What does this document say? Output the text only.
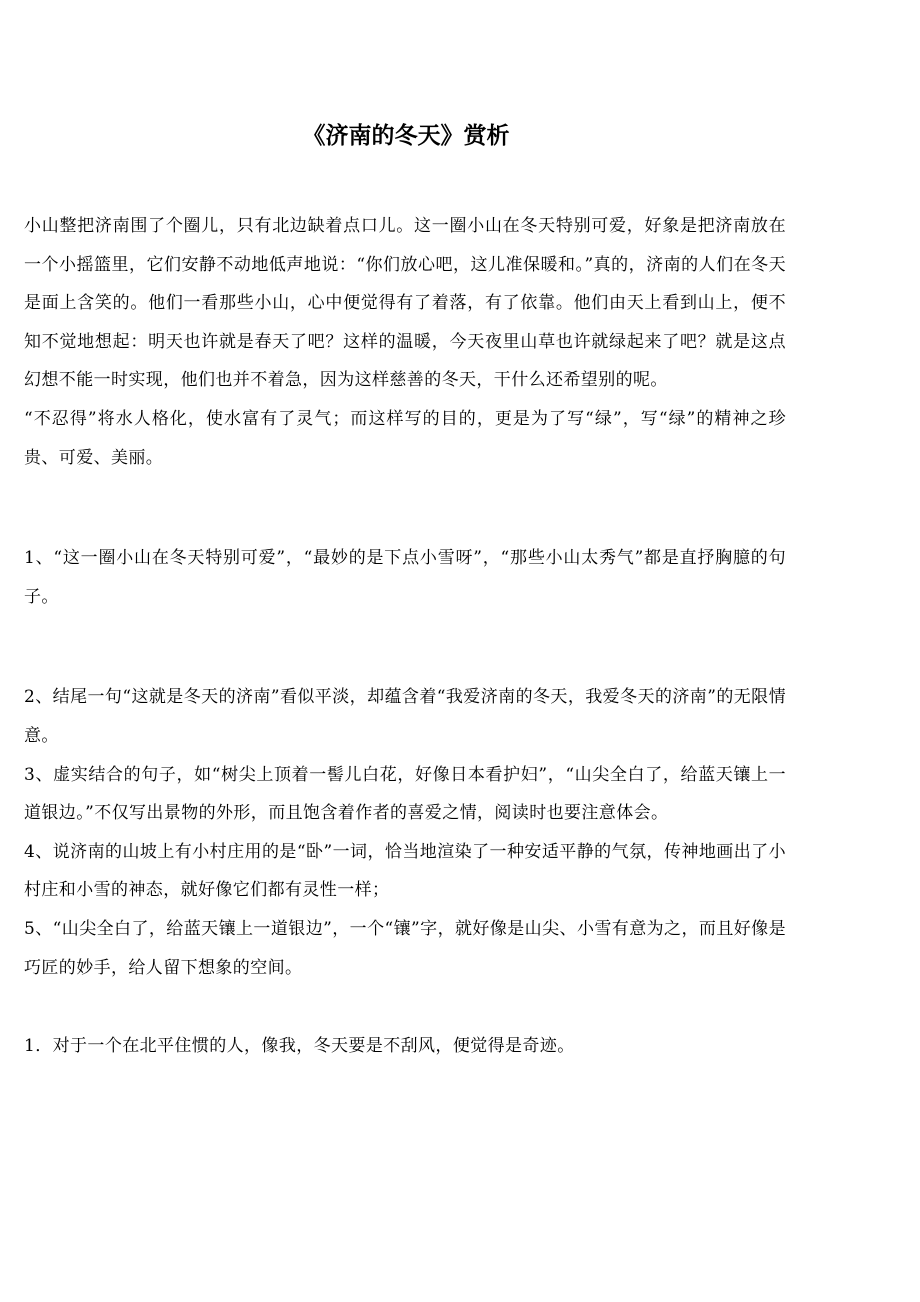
《济南的冬天》赏析

小山整把济南围了个圈儿，只有北边缺着点口儿。这一圈小山在冬天特别可爱，好象是把济南放在一个小摇篮里，它们安静不动地低声地说：“你们放心吧，这儿准保暖和。”真的，济南的人们在冬天是面上含笑的。他们一看那些小山，心中便觉得有了着落，有了依靠。他们由天上看到山上，便不知不觉地想起：明天也许就是春天了吧？这样的温暖，今天夜里山草也许就绿起来了吧？就是这点幻想不能一时实现，他们也并不着急，因为这样慈善的冬天，干什么还希望别的呢。

“不忍得”将水人格化，使水富有了灵气；而这样写的目的，更是为了写“绿”，写“绿”的精神之珍贵、可爱、美丽。

1、“这一圈小山在冬天特别可爱”，“最妙的是下点小雪呀”，“那些小山太秀气”都是直抒胸臆的句子。

2、结尾一句“这就是冬天的济南”看似平淡，却蕴含着“我爱济南的冬天，我爱冬天的济南”的无限情意。

3、虚实结合的句子，如“树尖上顶着一髻儿白花，好像日本看护妇”，“山尖全白了，给蓝天镶上一道银边。”不仅写出景物的外形，而且饱含着作者的喜爱之情，阅读时也要注意体会。

4、说济南的山坡上有小村庄用的是“卧”一词，恰当地渲染了一种安适平静的气氛，传神地画出了小村庄和小雪的神态，就好像它们都有灵性一样；

5、“山尖全白了，给蓝天镶上一道银边”，一个“镶”字，就好像是山尖、小雪有意为之，而且好像是巧匠的妙手，给人留下想象的空间。

1．对于一个在北平住惯的人，像我，冬天要是不刮风，便觉得是奇迹。
